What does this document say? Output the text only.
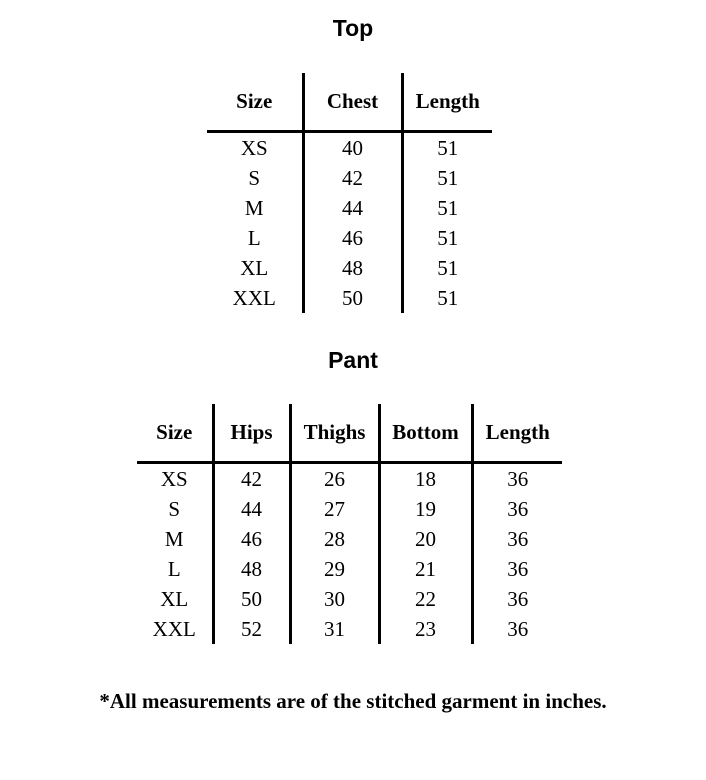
Top
Size	Chest	Length
XS	40	51
S	42	51
M	44	51
L	46	51
XL	48	51
XXL	50	51
Pant
Size	Hips	Thighs	Bottom	Length
XS	42	26	18	36
S	44	27	19	36
M	46	28	20	36
L	48	29	21	36
XL	50	30	22	36
XXL	52	31	23	36
*All measurements are of the stitched garment in inches.
